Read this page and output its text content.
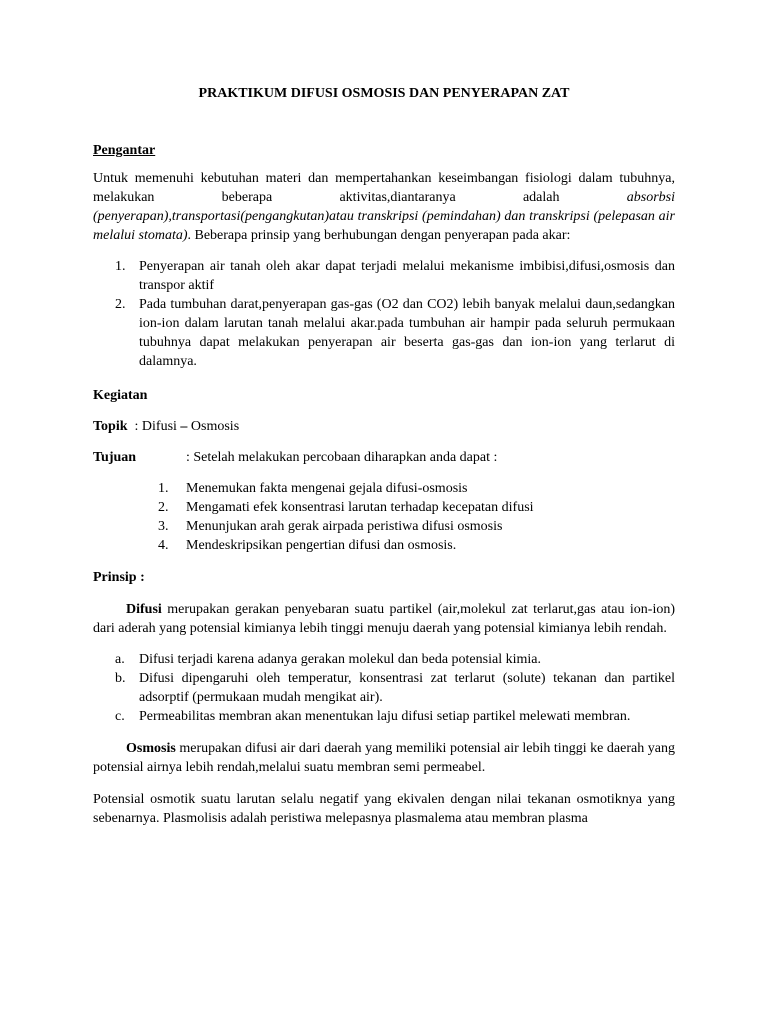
PRAKTIKUM DIFUSI OSMOSIS DAN PENYERAPAN ZAT
Pengantar

Untuk memenuhi kebutuhan materi dan mempertahankan keseimbangan fisiologi dalam tubuhnya, melakukan beberapa aktivitas,diantaranya adalah absorbsi (penyerapan),transportasi(pengangkutan)atau transkripsi (pemindahan) dan transkripsi (pelepasan air melalui stomata). Beberapa prinsip yang berhubungan dengan penyerapan pada akar:

1. Penyerapan air tanah oleh akar dapat terjadi melalui mekanisme imbibisi,difusi,osmosis dan transpor aktif
2. Pada tumbuhan darat,penyerapan gas-gas (O2 dan CO2) lebih banyak melalui daun,sedangkan ion-ion dalam larutan tanah melalui akar.pada tumbuhan air hampir pada seluruh permukaan tubuhnya dapat melakukan penyerapan air beserta gas-gas dan ion-ion yang terlarut di dalamnya.
Kegiatan
Topik : Difusi – Osmosis
Tujuan	: Setelah melakukan percobaan diharapkan anda dapat :
1.	Menemukan fakta mengenai gejala difusi-osmosis
2.	Mengamati efek konsentrasi larutan terhadap kecepatan difusi
3.	Menunjukan arah gerak airpada peristiwa difusi osmosis
4.	Mendeskripsikan pengertian difusi dan osmosis.
Prinsip :

Difusi merupakan gerakan penyebaran suatu partikel (air,molekul zat terlarut,gas atau ion-ion) dari aderah yang potensial kimianya lebih tinggi menuju daerah yang potensial kimianya lebih rendah.

a.	Difusi terjadi karena adanya gerakan molekul dan beda potensial kimia.
b. Difusi dipengaruhi oleh temperatur, konsentrasi zat terlarut (solute) tekanan dan partikel adsorptif (permukaan mudah mengikat air).
c.	Permeabilitas membran akan menentukan laju difusi setiap partikel melewati membran.

Osmosis merupakan difusi air dari daerah yang memiliki potensial air lebih tinggi ke daerah yang potensial airnya lebih rendah,melalui suatu membran semi permeabel.

Potensial osmotik suatu larutan selalu negatif yang ekivalen dengan nilai tekanan osmotiknya yang sebenarnya. Plasmolisis adalah peristiwa melepasnya plasmalema atau membran plasma
